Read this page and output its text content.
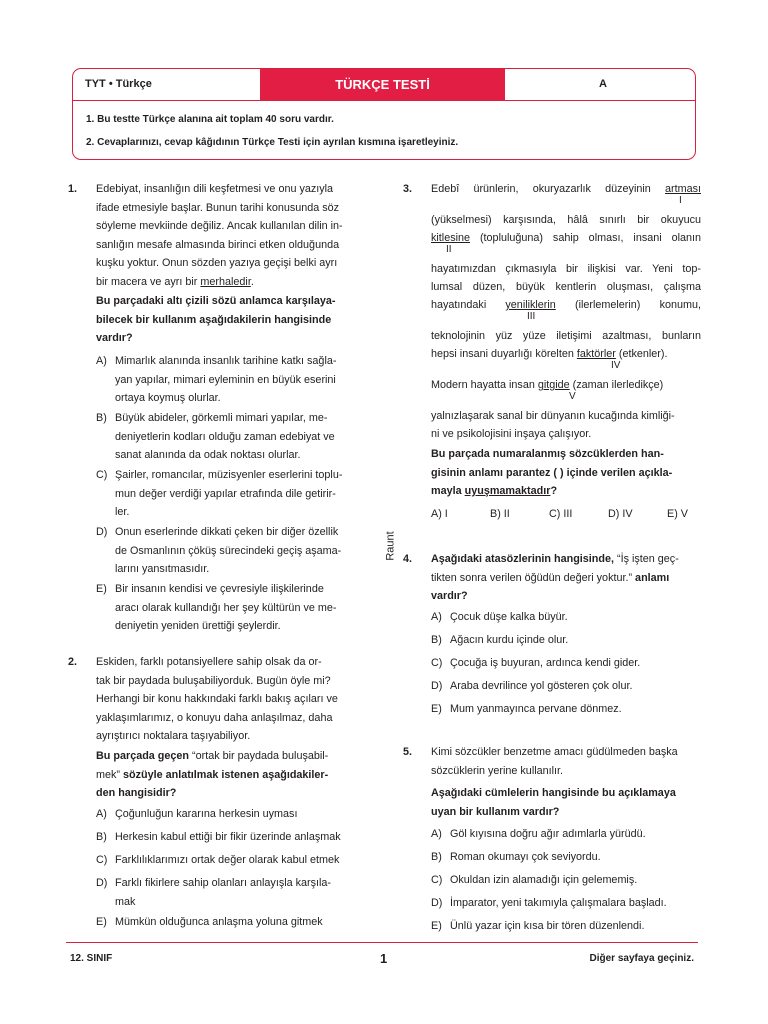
TYT • Türkçe	TÜRKÇE TESTİ	A
1. Bu testte Türkçe alanına ait toplam 40 soru vardır.
2. Cevaplarınızı, cevap kâğıdının Türkçe Testi için ayrılan kısmına işaretleyiniz.
1. Edebiyat, insanlığın dili keşfetmesi ve onu yazıyla
ifade etmesiyle başlar. Bunun tarihi konusunda söz
söyleme mevkiinde değiliz. Ancak kullanılan dilin in-
sanlığın mesafe almasında birinci etken olduğunda
kuşku yoktur. Onun sözden yazıya geçişi belki ayrı
bir macera ve ayrı bir merhaledir.
Bu parçadaki altı çizili sözü anlamca karşılaya-
bilecek bir kullanım aşağıdakilerin hangisinde
vardır?
A) Mimarlık alanında insanlık tarihine katkı sağla-
yan yapılar, mimari eyleminin en büyük eserini
ortaya koymuş olurlar.
B) Büyük abideler, görkemli mimari yapılar, me-
deniyetlerin kodları olduğu zaman edebiyat ve
sanat alanında da odak noktası olurlar.
C) Şairler, romancılar, müzisyenler eserlerini toplu-
mun değer verdiği yapılar etrafında dile getirir-
ler.
D) Onun eserlerinde dikkati çeken bir diğer özellik
de Osmanlının çöküş sürecindeki geçiş aşama-
larını yansıtmasıdır.
E) Bir insanın kendisi ve çevresiyle ilişkilerinde
aracı olarak kullandığı her şey kültürün ve me-
deniyetin yeniden ürettiği şeylerdir.
2. Eskiden, farklı potansiyellere sahip olsak da or-
tak bir paydada buluşabiliyorduk. Bugün öyle mi?
Herhangi bir konu hakkındaki farklı bakış açıları ve
yaklaşımlarımız, o konuyu daha anlaşılmaz, daha
ayrıştırıcı noktalara taşıyabiliyor.
Bu parçada geçen “ortak bir paydada buluşabil-
mek” sözüyle anlatılmak istenen aşağıdakiler-
den hangisidir?
A) Çoğunluğun kararına herkesin uyması
B) Herkesin kabul ettiği bir fikir üzerinde anlaşmak
C) Farklılıklarımızı ortak değer olarak kabul etmek
D) Farklı fikirlere sahip olanları anlayışla karşıla-
mak
E) Mümkün olduğunca anlaşma yoluna gitmek
Raunt
3. Edebî ürünlerin, okuryazarlık düzeyinin artması
I
(yükselmesi) karşısında, hâlâ sınırlı bir okuyucu
kitlesine (topluluğuna) sahip olması, insani olanın
II
hayatımızdan çıkmasıyla bir ilişkisi var. Yeni top-
lumsal düzen, büyük kentlerin oluşması, çalışma
hayatındaki yeniliklerin (ilerlemelerin) konumu,
III
teknolojinin yüz yüze iletişimi azaltması, bunların
hepsi insani duyarlığı körelten faktörler (etkenler).
IV
Modern hayatta insan gitgide (zaman ilerledikçe)
V
yalnızlaşarak sanal bir dünyanın kucağında kimliği-
ni ve psikolojisini inşaya çalışıyor.
Bu parçada numaralanmış sözcüklerden han-
gisinin anlamı parantez ( ) içinde verilen açıkla-
mayla uyuşmamaktadır?
A) I	B) II	C) III	D) IV	E) V
4. Aşağıdaki atasözlerinin hangisinde, “İş işten geç-
tikten sonra verilen öğüdün değeri yoktur.” anlamı
vardır?
A) Çocuk düşe kalka büyür.
B) Ağacın kurdu içinde olur.
C) Çocuğa iş buyuran, ardınca kendi gider.
D) Araba devrilince yol gösteren çok olur.
E) Mum yanmayınca pervane dönmez.
5. Kimi sözcükler benzetme amacı güdülmeden başka
sözcüklerin yerine kullanılır.
Aşağıdaki cümlelerin hangisinde bu açıklamaya
uyan bir kullanım vardır?
A) Göl kıyısına doğru ağır adımlarla yürüdü.
B) Roman okumayı çok seviyordu.
C) Okuldan izin alamadığı için gelememiş.
D) İmparator, yeni takımıyla çalışmalara başladı.
E) Ünlü yazar için kısa bir tören düzenlendi.
12. SINIF	1	Diğer sayfaya geçiniz.
